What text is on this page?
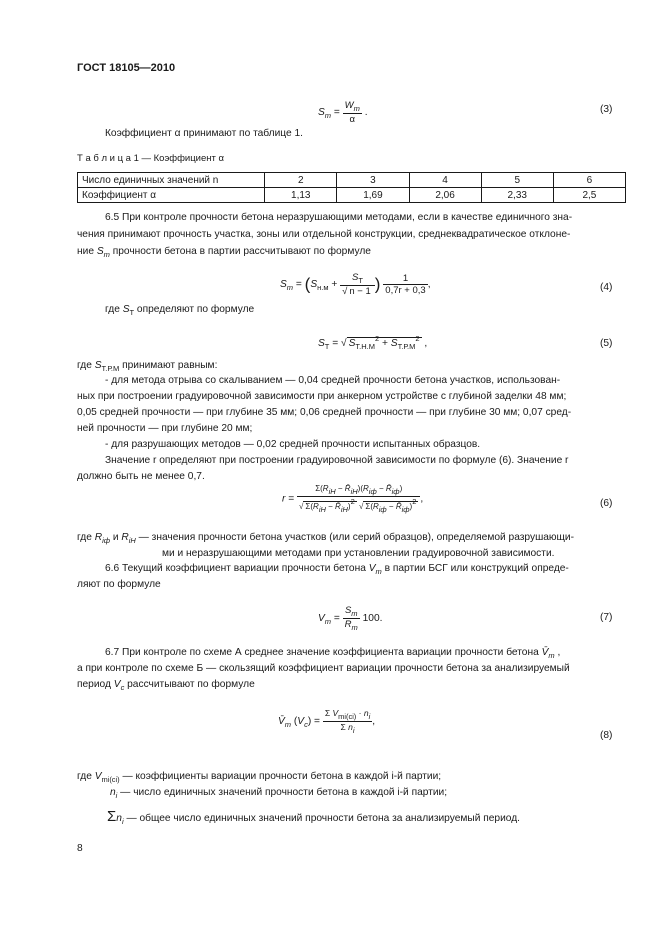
ГОСТ 18105—2010
$S_m = \frac{W_m}{\alpha}$ .	(3)
Коэффициент α принимают по таблице 1.
Т а б л и ц а 1 — Коэффициент α
Число единичных значений n	2	3	4	5	6
Коэффициент α	1,13	1,69	2,06	2,33	2,5
6.5 При контроле прочности бетона неразрушающими методами, если в качестве единичного зна-
чения принимают прочность участка, зоны или отдельной конструкции, среднеквадратическое отклоне-
ние $S_m$ прочности бетона в партии рассчитывают по формуле
$S_m = (S_{н.м} + \frac{S_Т}{√ n - 1}$ ) $\frac{1}{0,7r + 0,3}$ ,	(4)
где $S_Т$ определяют по формуле
$S_Т$ = √ $S_{Т.Н.М}^2 + S_{Т.Р.М}^2$ ,	(5)
где $S_{Т.Р.М}$ принимают равным:
- для метода отрыва со скалыванием — 0,04 средней прочности бетона участков, использован-
ных при построении градуировочной зависимости при анкерном устройстве с глубиной заделки 48 мм;
0,05 средней прочности — при глубине 35 мм; 0,06 средней прочности — при глубине 30 мм; 0,07 сред-
ней прочности — при глубине 20 мм;
- для разрушающих методов — 0,02 средней прочности испытанных образцов.
Значение r определяют при построении градуировочной зависимости по формуле (6). Значение r
должно быть не менее 0,7.
$r = \frac{\text{Σ(RiH − R̄iH)(Riф − R̄iф)}}{\text{√ Σ(RiH − R̄iH)2 √ Σ(Riф − R̄iф)2}}$ ,	(6)
где $R_{iф}$ и $R_{iH}$ — значения прочности бетона участков (или серий образцов), определяемой разрушающи-
ми и неразрушающими методами при установлении градуировочной зависимости.
6.6 Текущий коэффициент вариации прочности бетона $V_m$ в партии БСГ или конструкций опреде-
ляют по формуле
$V_m = \frac{S_m}{R_m} 100$.	(7)
6.7 При контроле по схеме А среднее значение коэффициента вариации прочности бетона $V̄_m$ ,
а при контроле по схеме Б — скользящий коэффициент вариации прочности бетона за анализируемый
период $V_c$ рассчитывают по формуле
$V̄_m$ $(V_c) = \frac{\text{Σ Vmi(ci) · ni}}{\text{Σ ni}}$ ,
(8)
где $V_{mi(ci)}$ — коэффициенты вариации прочности бетона в каждой i-й партии;
$n_i$ — число единичных значений прочности бетона в каждой i-й партии;
$\Sigma n_i$ — общее число единичных значений прочности бетона за анализируемый период.
8
